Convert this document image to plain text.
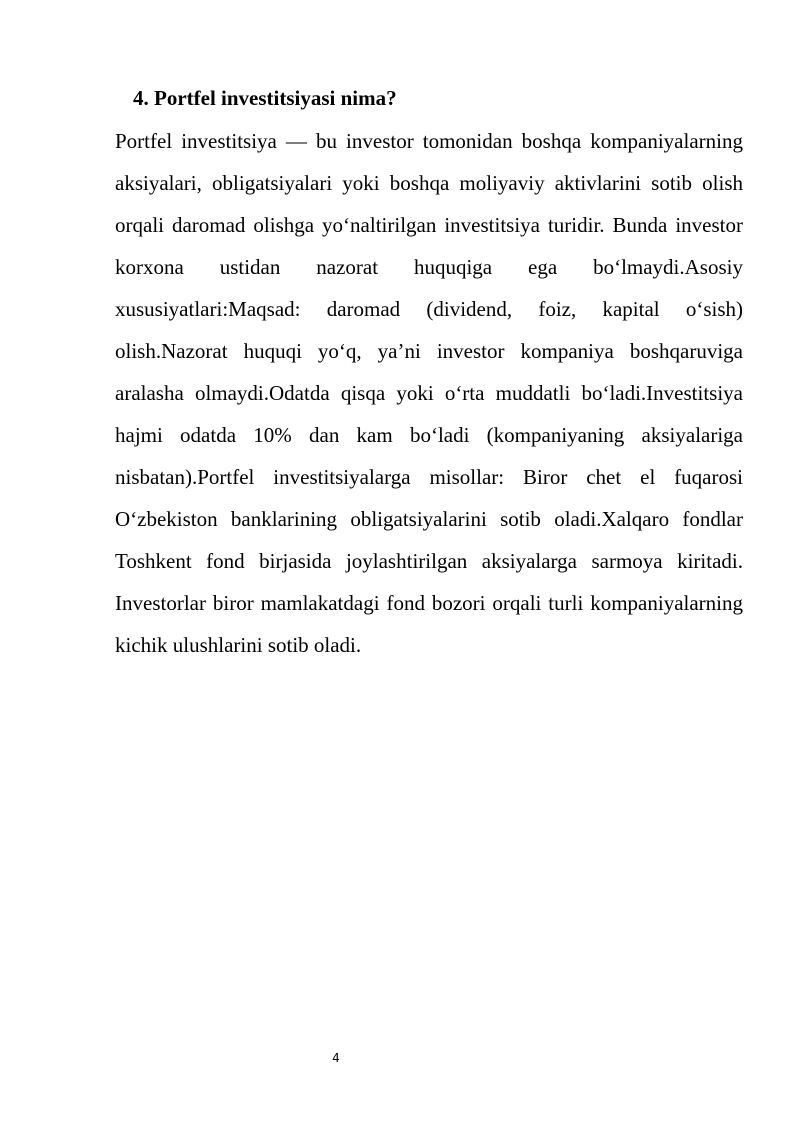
4. Portfel investitsiyasi nima?

Portfel investitsiya — bu investor tomonidan boshqa kompaniyalarning aksiyalari, obligatsiyalari yoki boshqa moliyaviy aktivlarini sotib olish orqali daromad olishga yo‘naltirilgan investitsiya turidir. Bunda investor korxona ustidan nazorat huquqiga ega bo‘lmaydi.Asosiy xususiyatlari:Maqsad: daromad (dividend, foiz, kapital o‘sish) olish.Nazorat huquqi yo‘q, ya’ni investor kompaniya boshqaruviga aralasha olmaydi.Odatda qisqa yoki o‘rta muddatli bo‘ladi.Investitsiya hajmi odatda 10% dan kam bo‘ladi (kompaniyaning aksiyalariga nisbatan).Portfel investitsiyalarga misollar: Biror chet el fuqarosi O‘zbekiston banklarining obligatsiyalarini sotib oladi.Xalqaro fondlar Toshkent fond birjasida joylashtirilgan aksiyalarga sarmoya kiritadi. Investorlar biror mamlakatdagi fond bozori orqali turli kompaniyalarning kichik ulushlarini sotib oladi.

4
